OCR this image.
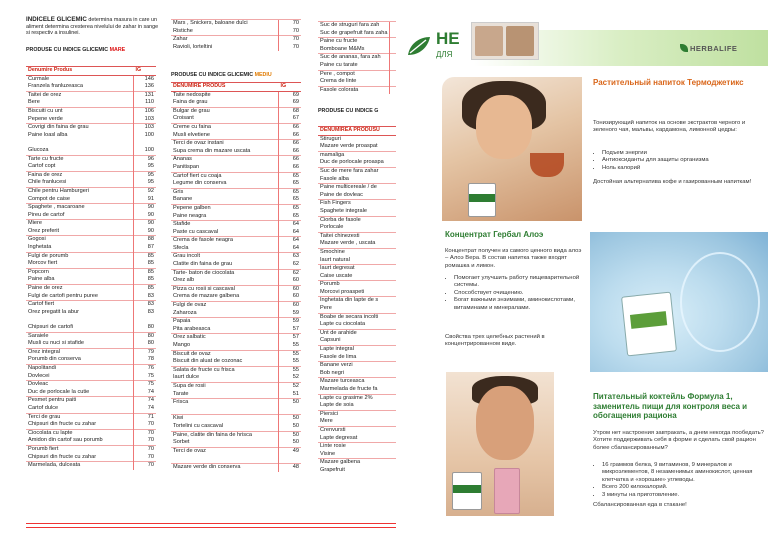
INDICELE GLICEMIC determina masura in care un aliment determina cresterea nivelului de zahar in sange si respectiv a insulinei.
PRODUSE CU INDICE GLICEMIC MARE
Denumire Produs	IG
Curmale	146
Franzela franluzeasca	136
Taitei de orez	131
Bere	110
Biscuiti cu unt	106
Pepene verde	103
Covrigi din faina de grau	103
Paine loasl alba	100

Glucoza	100
Tarte cu fructe	96
Cartof copt	95
Faina de orez	95
Chile franlucesi	95
Chile pentru Hamburgeri	92
Compot de caise	91
Spaghete , macaroane	90
Pireu de cartof	90
Miere	90
Orez preferit	90
Gogosi	88
Inghetata	87
Fulgi de porumb	85
Morcov fiert	85
Popcorn	85
Paine alba	85
Paine de orez	85
Fulgi de cartofi pentru puree	83
Cartof fiert	83
Orez pregatit la abur	83

Chipsuri de cartofi	80
Saraiele	80
Musli cu nuci si stafide	80
Orez integral	79
Porumb din conserva	78
Napolitandi	76
Dovlecei	75
Dovleac	75
Duc de porlocale la cutie	74
Pesmet pentru paiti	74
Cartof dulce	74
Terci de grau	71
Chipsuri din fructe cu zahar	70
Ciocolata cu lapte	70
Amidon din cartof sau porumb	70
Porumb fiert	70
Chipsuri din fructe cu zahar	70
Marmelada, dulceata	70
Mars , Snickers, baloane dulci	70
Ristiche	70
Zahar	70
Ravioli, lorteltini	70
PRODUSE CU INDICE GLICEMIC MEDIU
DENUMIRE PRODUS	IG
Taite nedospite	69
Faina de grau	69
Bulgar de grau	68
Croisant	67
Creme cu faina	66
Musli elvetiene	66
Terci de ovaz instani	66
Supa crema din mazare uscata	66
Ananas	66
Panitispan	66
Cartof fiert cu coaja	65
Legume din conserva	65
Gris	65
Banane	65
Pepene galben	65
Paine neagra	65
Stafide	64
Paste cu cascaval	64
Crema de fasole neagra	64
Sfecla	64
Grau incolt	63
Clatite din faina de grau	62
Tarte- baton de ciocolata	62
Orez alb	60
Pizza cu rosii si cascaval	60
Crema de mazare galbena	60
Fulgi de ovaz	60
Zaharoza	59
Papaia	59
Pita arabeasca	57
Orez salbatic	57
Mango	55
Biscuit de ovaz	55
Biscuit din aluat de cozonac	55
Salata de fructe cu frisca	55
Iaurt dulce	52
Supa de rosii	52
Tarate	51
Frisca	50

Kiwi	50
Tortelini cu cascaval	50
Paine, clatite din faina de hrisca	50
Sorbet	50
Terci de ovaz	49

Mazare verde din conserva	48
Suc de struguri fara zah	
Suc de grapefruit fara zaha	
Paine cu fructe	
Bomboane M&Ms	
Suc de ananas, fara zah	
Paine cu tarate	
Pere , compot	
Crema de linte	
Fasole colorata	
PRODUSE CU INDICE G
DENUMIREA PRODUSU
Stiruguri
Mazare verde proaspat
mamaliga
Duc de porlocale proaspa
Suc de mere fara zahar
Fasole alba
Paine multicereale / de
Paine de dovleac
Fish Fingers
Spaghete integrale
Ciorba de fasole
Porlocale
Taitei chinezesti
Mazare verde , uscata
Smochine
Iaurt natural
Iaurt degresat
Caise uscate
Porumb
Morcovi proaspeti
Inghetata din lapte de s
Pere
Boabe de secara incolti
Lapte cu ciocolata
Unt de arahide
Capsuni
Lapte integral
Fasole de lima
Banane verzi
Bob negri
Mazare turceasca
Marmelada de fructe fa
Lapte cu grasime 2%
Lapte de soia
Piersici
Mere
Crenvursti
Lapte degresat
Linte rosie
Visine
Mazare galbena
Grapefruit
HE
ДЛЯ
HERBALIFE
Растительный напиток Термоджетикс
Тонизирующий напиток на основе экстрактов черного и зеленого чая, мальвы, кардамона, лимонной цедры:
• Подъем энергии
• Антиоксиданты для защиты организма
• Ноль калорий
Достойная альтернатива кофе и газированным напиткам!
Концентрат Гербал Алоэ
Концентрат получен из самого ценного вида алоэ – Алоэ Вера. В состав напитка также входят ромашка и лимон.
• Помогает улучшить работу пищеварительной системы.
• Способствует очищению.
• Богат важными энзимами, аминокислотами, витаминами и минералами.
Свойства трех целебных растений в концентрированном виде.
Питательный коктейль Формула 1, заменитель пищи для контроля веса и обогащения рациона
Утром нет настроения завтракать, а днем некогда пообедать? Хотите поддерживать себя в форме и сделать свой рацион более сбалансированным?
• 16 граммов белка, 9 витаминов, 9 минералов и микроэлементов, 8 незаменимых аминокислот, ценная клетчатка и «хорошие» углеводы.
• Всего 200 килокалорий.
• 3 минуты на приготовление.
Сбалансированная еда в стакане!
